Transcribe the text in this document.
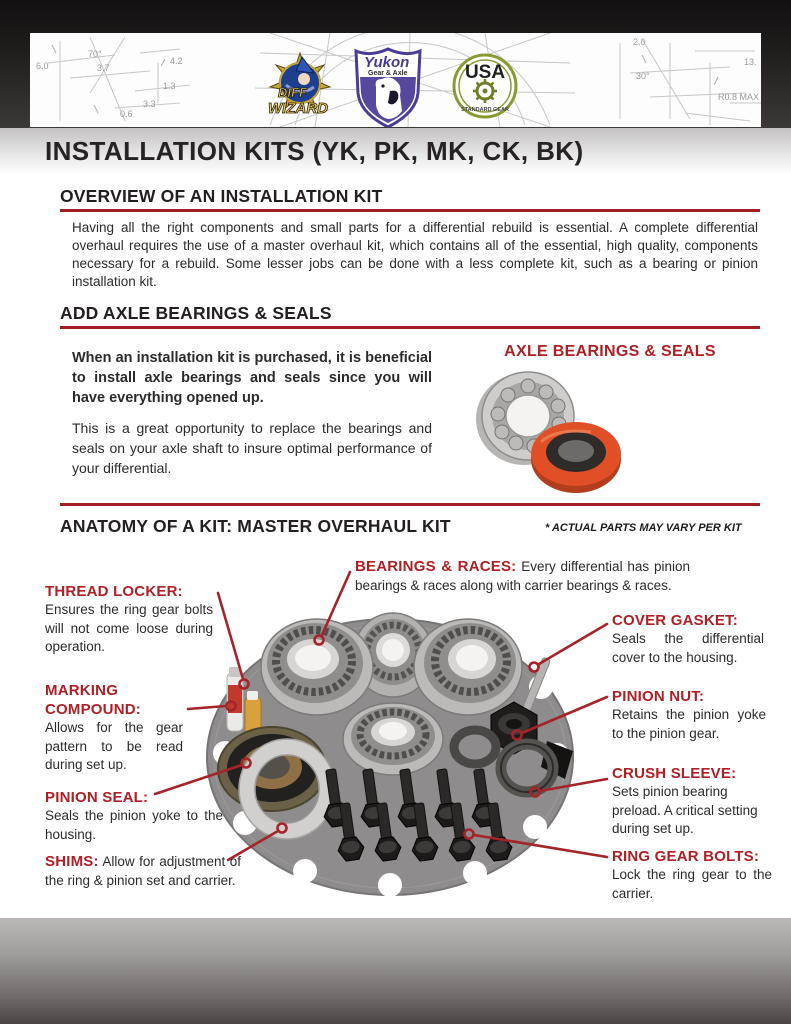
6.0
70°
3.7
4.2
1.3
3.3
0.6
2.0
30°
13.
R0.8 MAX
DIFF
WIZARD
Yukon
Gear & Axle	USA
STANDARD GEAR
INSTALLATION KITS (YK, PK, MK, CK, BK)
OVERVIEW OF AN INSTALLATION KIT

Having all the right components and small parts for a differential rebuild is essential. A complete differential overhaul requires the use of a master overhaul kit, which contains all of the essential, high quality, components necessary for a rebuild. Some lesser jobs can be done with a less complete kit, such as a bearing or pinion installation kit.

ADD AXLE BEARINGS & SEALS

When an installation kit is purchased, it is beneficial to install axle bearings and seals since you will have everything opened up.

This is a great opportunity to replace the bearings and seals on your axle shaft to insure optimal performance of your differential.

AXLE BEARINGS & SEALS
ANATOMY OF A KIT: MASTER OVERHAUL KIT	* ACTUAL PARTS MAY VARY PER KIT
BEARINGS & RACES: Every differential has pinion bearings & races along with carrier bearings & races.
THREAD LOCKER:
Ensures the ring gear bolts will not come loose during operation.
MARKING COMPOUND:
Allows for the gear pattern to be read during set up.
PINION SEAL:
Seals the pinion yoke to the housing.
SHIMS: Allow for adjustment of the ring & pinion set and carrier.
COVER GASKET:
Seals the differential cover to the housing.
PINION NUT:
Retains the pinion yoke to the pinion gear.
CRUSH SLEEVE:
Sets pinion bearing preload. A critical setting during set up.
RING GEAR BOLTS:
Lock the ring gear to the carrier.
